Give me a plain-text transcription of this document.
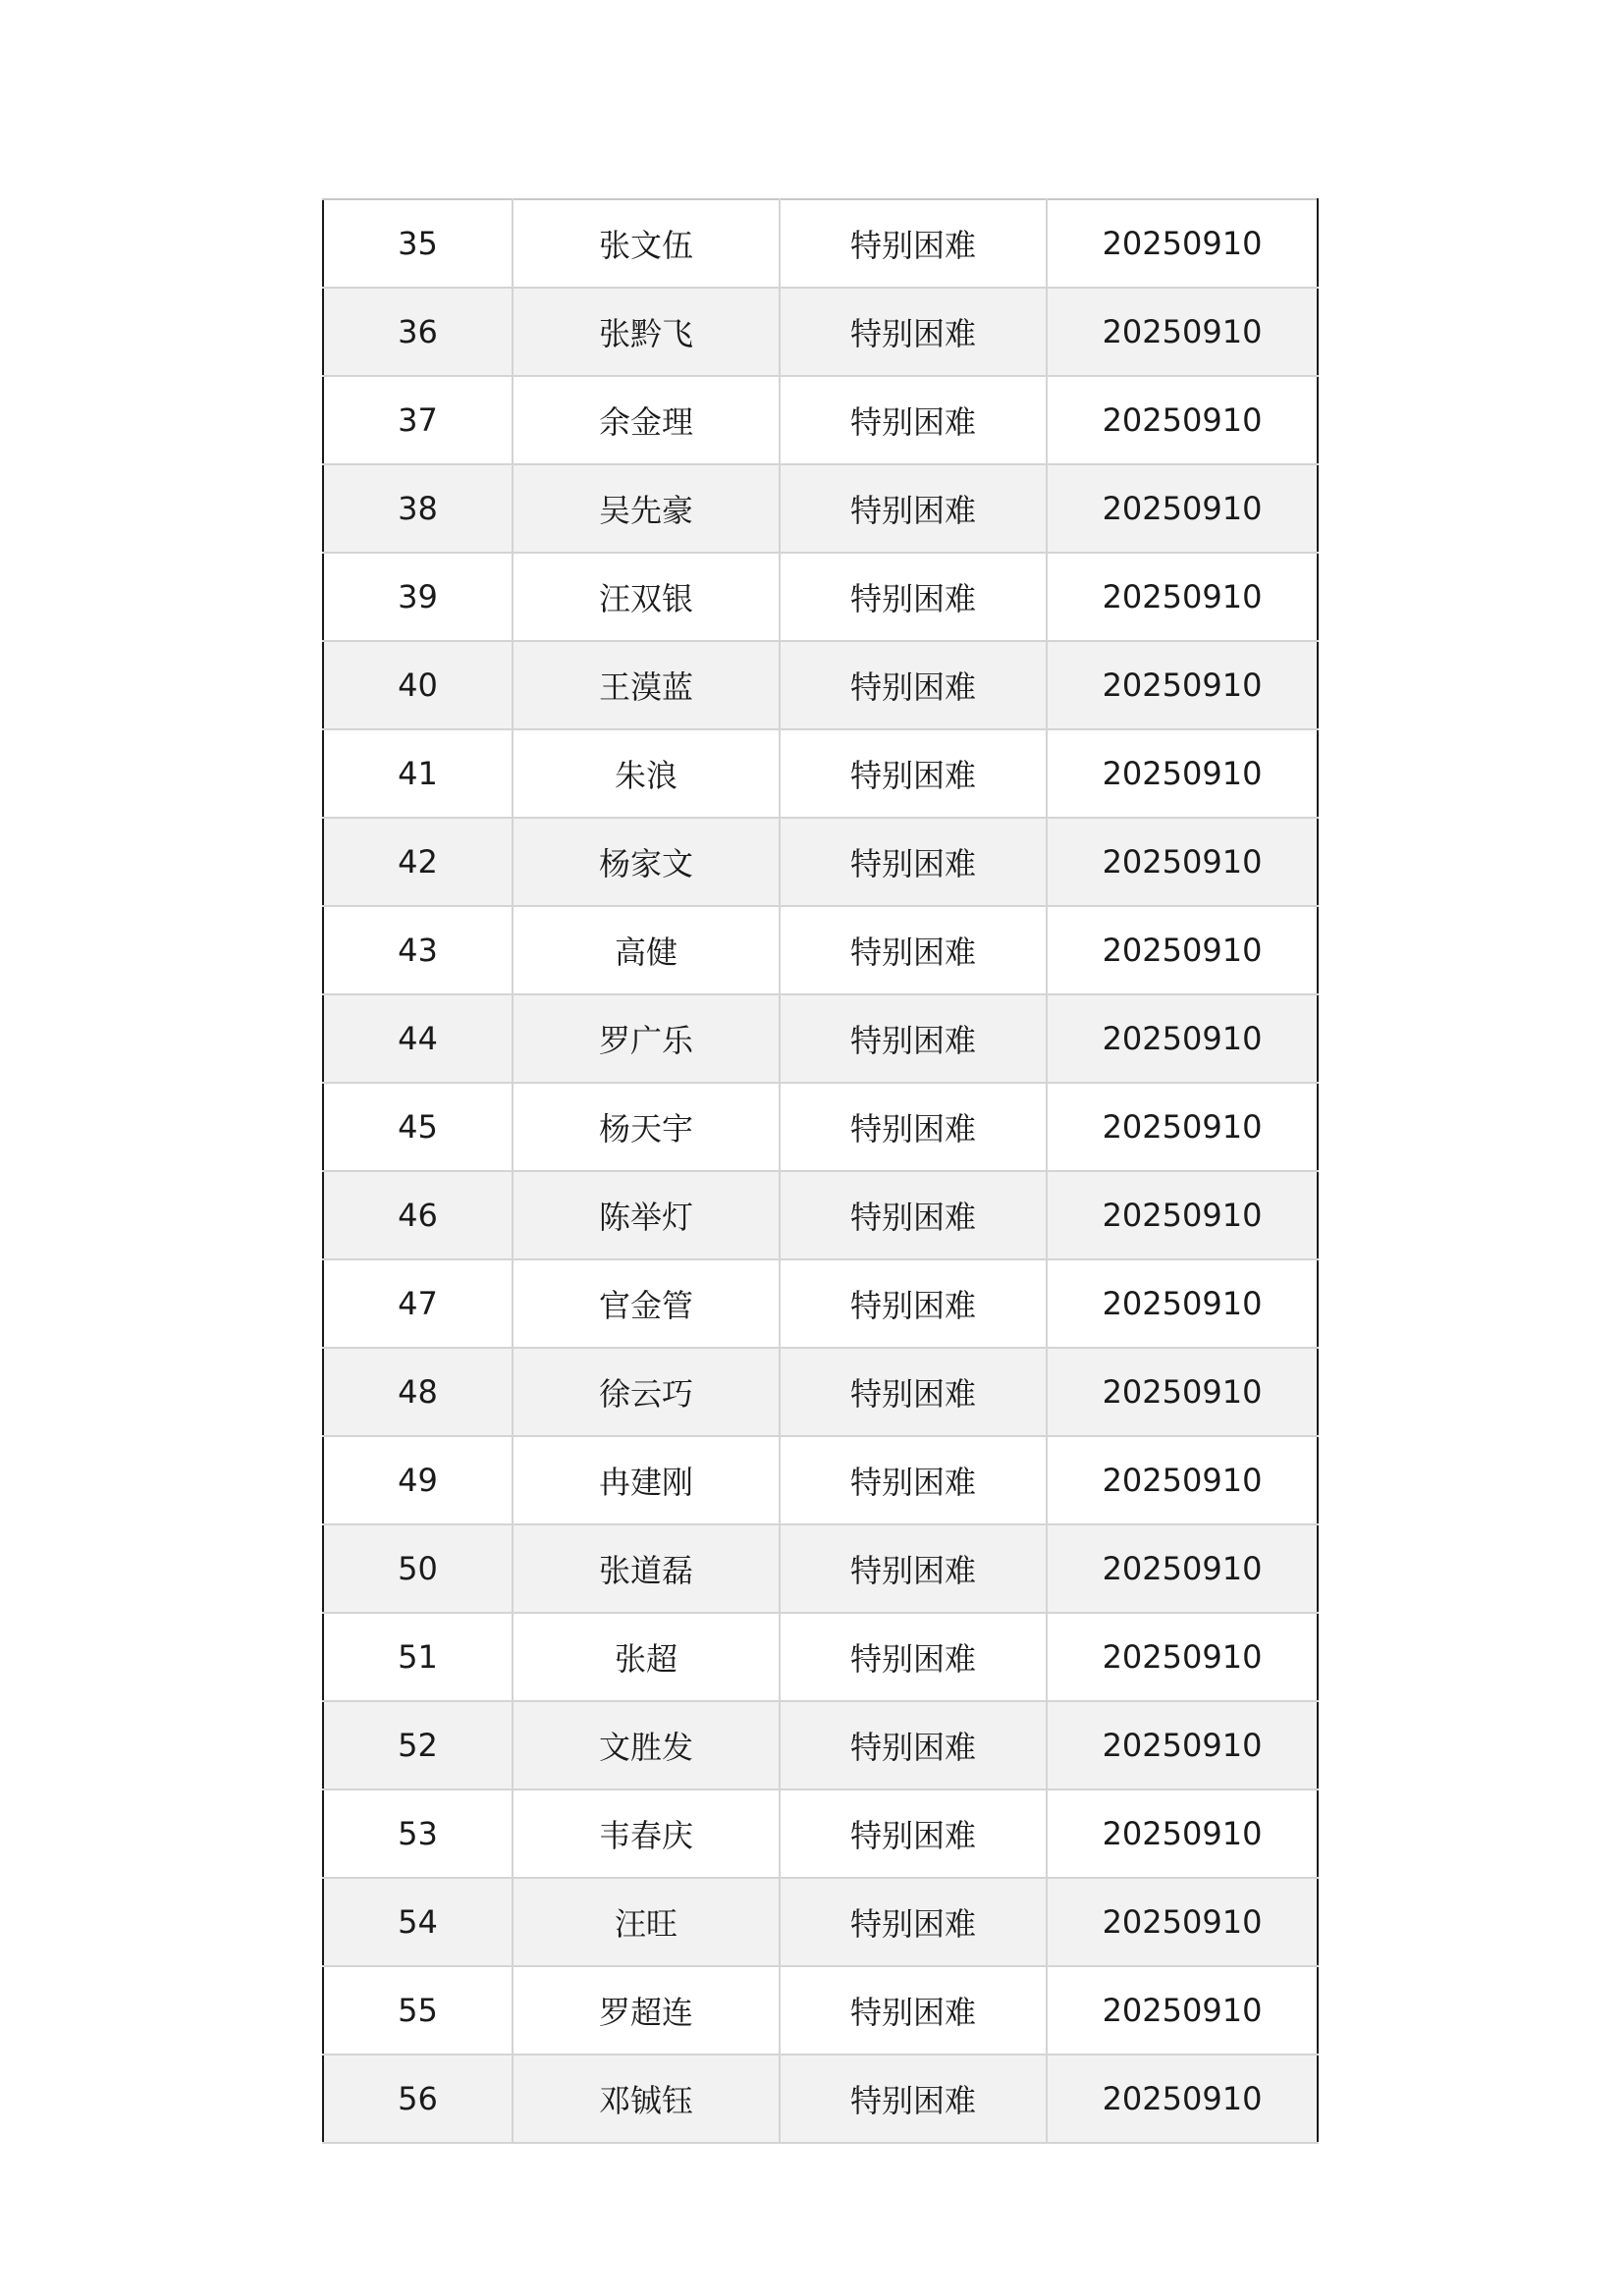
35	张文伍	特别困难	20250910
36	张黔飞	特别困难	20250910
37	余金理	特别困难	20250910
38	吴先豪	特别困难	20250910
39	汪双银	特别困难	20250910
40	王漠蓝	特别困难	20250910
41	朱浪	特别困难	20250910
42	杨家文	特别困难	20250910
43	高健	特别困难	20250910
44	罗广乐	特别困难	20250910
45	杨天宇	特别困难	20250910
46	陈举灯	特别困难	20250910
47	官金管	特别困难	20250910
48	徐云巧	特别困难	20250910
49	冉建刚	特别困难	20250910
50	张道磊	特别困难	20250910
51	张超	特别困难	20250910
52	文胜发	特别困难	20250910
53	韦春庆	特别困难	20250910
54	汪旺	特别困难	20250910
55	罗超连	特别困难	20250910
56	邓铖钰	特别困难	20250910
